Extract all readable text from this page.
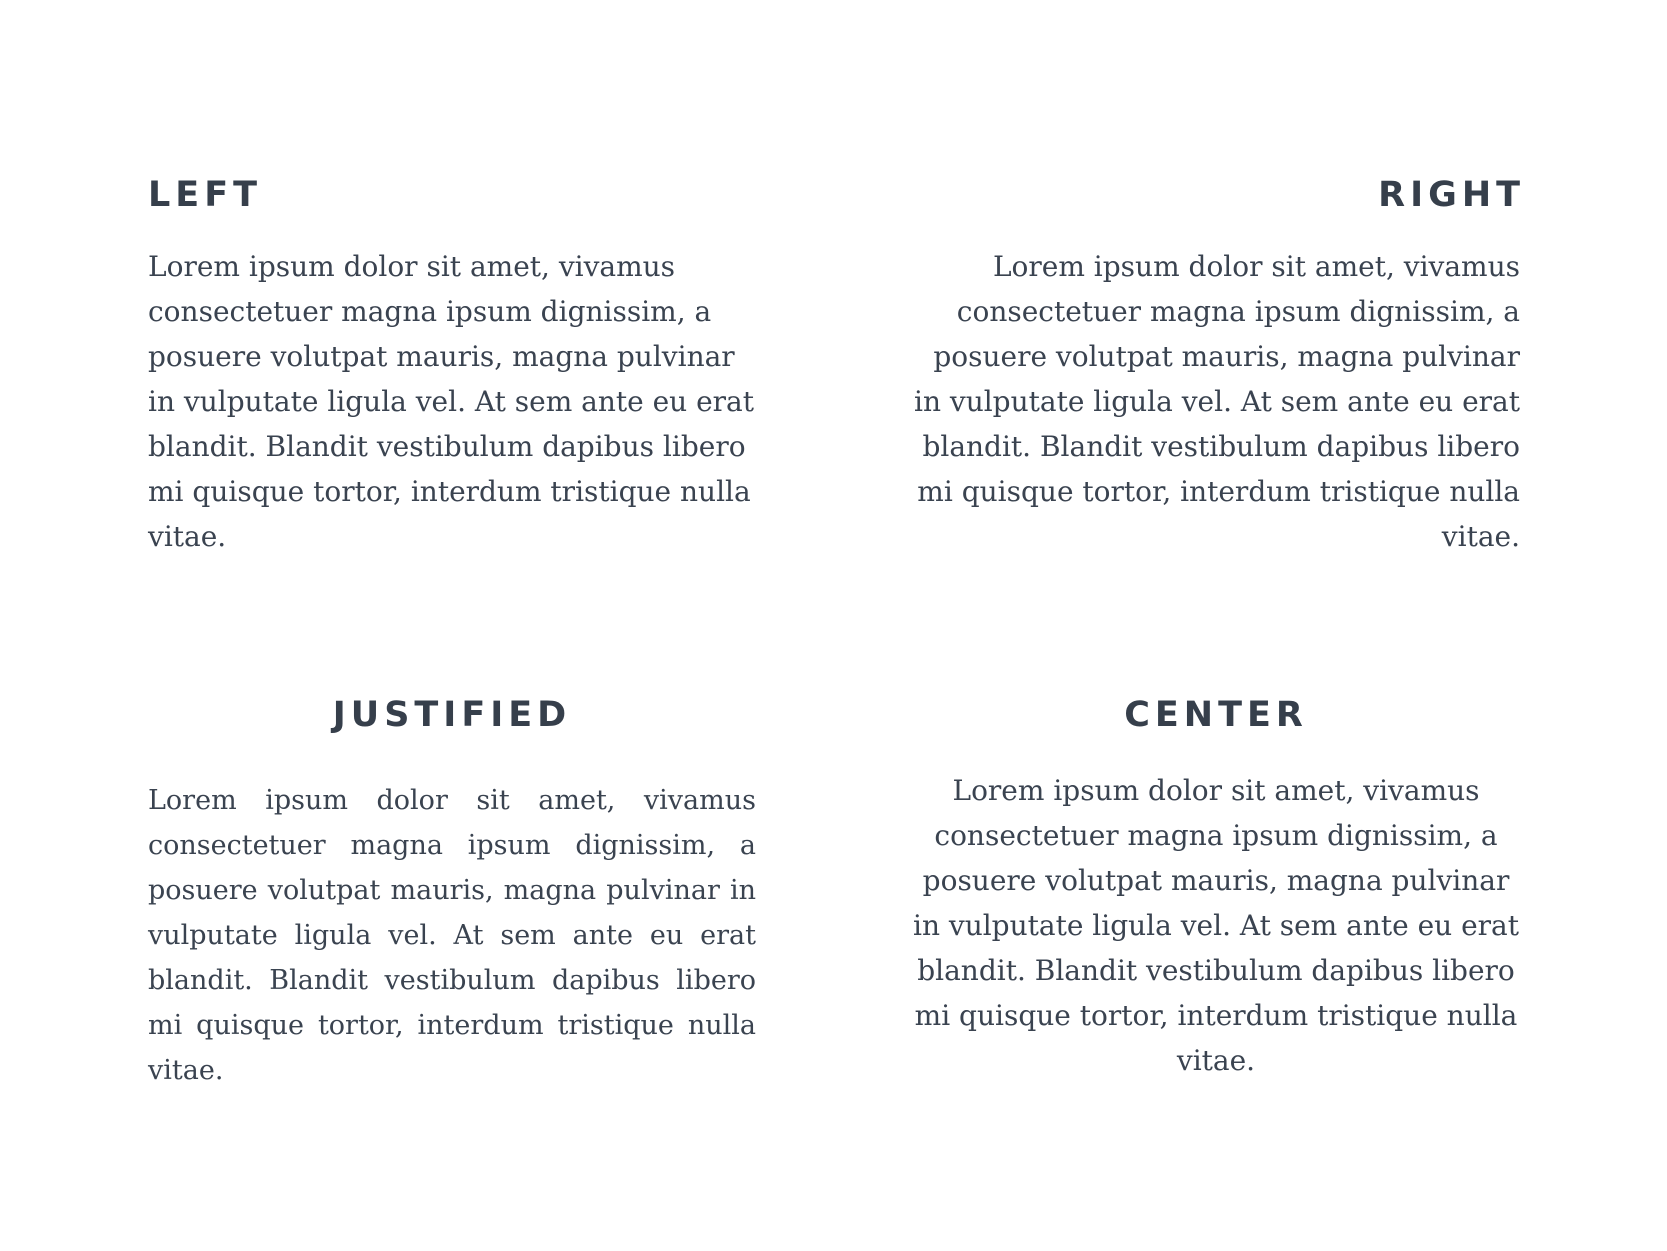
LEFT

Lorem ipsum dolor sit amet, vivamus consectetuer magna ipsum dignissim, a posuere volutpat mauris, magna pulvinar in vulputate ligula vel. At sem ante eu erat blandit. Blandit vestibulum dapibus libero mi quisque tortor, interdum tristique nulla vitae.

RIGHT

Lorem ipsum dolor sit amet, vivamus consectetuer magna ipsum dignissim, a posuere volutpat mauris, magna pulvinar in vulputate ligula vel. At sem ante eu erat blandit. Blandit vestibulum dapibus libero mi quisque tortor, interdum tristique nulla vitae.

JUSTIFIED

Lorem ipsum dolor sit amet, vivamus consectetuer magna ipsum dignissim, a posuere volutpat mauris, magna pulvinar in vulputate ligula vel. At sem ante eu erat blandit. Blandit vestibulum dapibus libero mi quisque tortor, interdum tristique nulla vitae.

CENTER

Lorem ipsum dolor sit amet, vivamus consectetuer magna ipsum dignissim, a posuere volutpat mauris, magna pulvinar in vulputate ligula vel. At sem ante eu erat blandit. Blandit vestibulum dapibus libero mi quisque tortor, interdum tristique nulla vitae.
